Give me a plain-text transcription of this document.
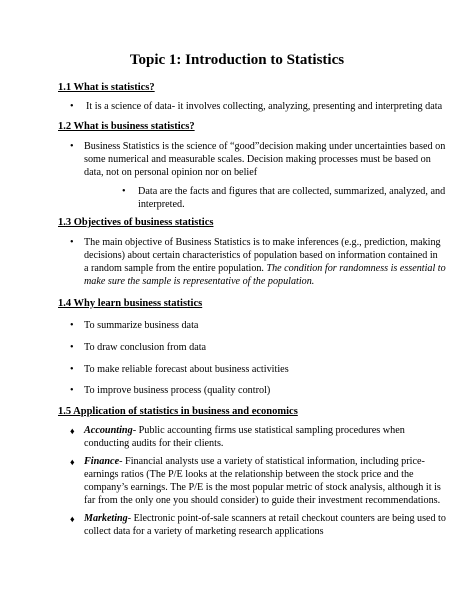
Topic 1: Introduction to Statistics
1.1 What is statistics?
• It is a science of data- it involves collecting, analyzing, presenting and interpreting data
1.2 What is business statistics?
• Business Statistics is the science of “good”decision making under uncertainties based on
some numerical and measurable scales. Decision making processes must be based on
data, not on personal opinion nor on belief
• Data are the facts and figures that are collected, summarized, analyzed, and
interpreted.
1.3 Objectives of business statistics
• The main objective of Business Statistics is to make inferences (e.g., prediction, making
decisions) about certain characteristics of population based on information contained in
a random sample from the entire population. The condition for randomness is essential to
make sure the sample is representative of the population.
1.4 Why learn business statistics
• To summarize business data
• To draw conclusion from data
• To make reliable forecast about business activities
• To improve business process (quality control)
1.5 Application of statistics in business and economics
♦ Accounting- Public accounting firms use statistical sampling procedures when
conducting audits for their clients.
♦ Finance- Financial analysts use a variety of statistical information, including price-
earnings ratios (The P/E looks at the relationship between the stock price and the
company’s earnings. The P/E is the most popular metric of stock analysis, although it is
far from the only one you should consider) to guide their investment recommendations.
♦ Marketing- Electronic point-of-sale scanners at retail checkout counters are being used to
collect data for a variety of marketing research applications
